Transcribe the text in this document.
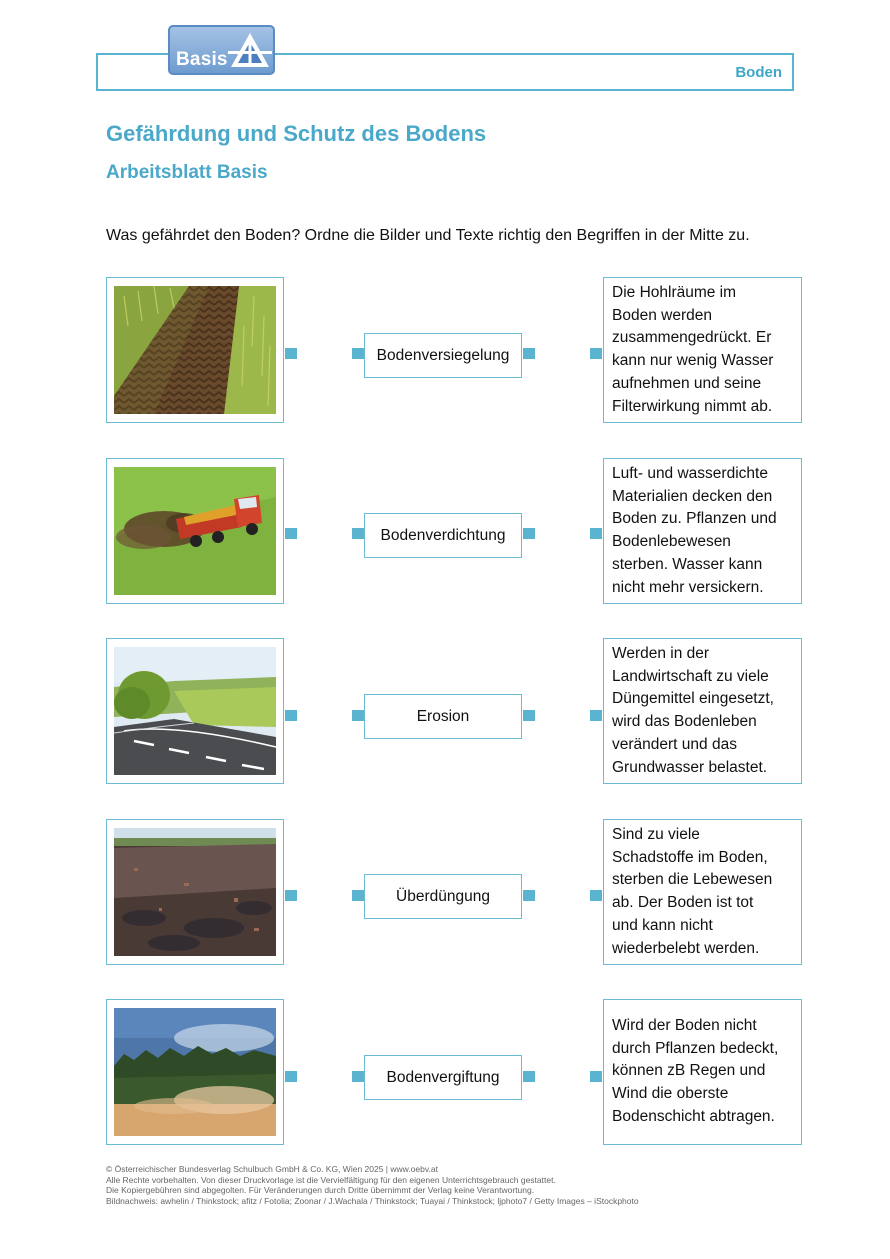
Boden
Basis
Gefährdung und Schutz des Bodens
Arbeitsblatt Basis

Was gefährdet den Boden? Ordne die Bilder und Texte richtig den Begriffen in der Mitte zu.

Bodenversiegelung
Die Hohlräume im
Boden werden
zusammengedrückt. Er
kann nur wenig Wasser
aufnehmen und seine
Filterwirkung nimmt ab.
Bodenverdichtung
Luft- und wasserdichte
Materialien decken den
Boden zu. Pflanzen und
Bodenlebewesen
sterben. Wasser kann
nicht mehr versickern.
Erosion
Werden in der
Landwirtschaft zu viele
Düngemittel eingesetzt,
wird das Bodenleben
verändert und das
Grundwasser belastet.
Überdüngung
Sind zu viele
Schadstoffe im Boden,
sterben die Lebewesen
ab. Der Boden ist tot
und kann nicht
wiederbelebt werden.
Bodenvergiftung
Wird der Boden nicht
durch Pflanzen bedeckt,
können zB Regen und
Wind die oberste
Bodenschicht abtragen.
© Österreichischer Bundesverlag Schulbuch GmbH & Co. KG, Wien 2025 | www.oebv.at
Alle Rechte vorbehalten. Von dieser Druckvorlage ist die Vervielfältigung für den eigenen Unterrichtsgebrauch gestattet.
Die Kopiergebühren sind abgegolten. Für Veränderungen durch Dritte übernimmt der Verlag keine Verantwortung.
Bildnachweis: awhelin / Thinkstock; afitz / Fotolia; Zoonar / J.Wachala / Thinkstock; Tuayai / Thinkstock; ljphoto7 / Getty Images – iStockphoto
